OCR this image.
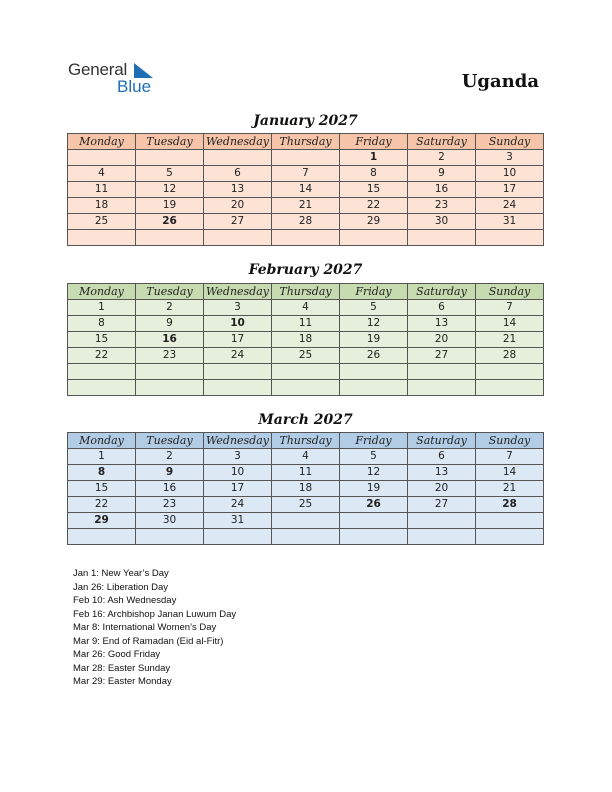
General
Blue	Uganda
January 2027
Monday	Tuesday	Wednesday	Thursday	Friday	Saturday	Sunday
				1	2	3
4	5	6	7	8	9	10
11	12	13	14	15	16	17
18	19	20	21	22	23	24
25	26	27	28	29	30	31

February 2027
Monday	Tuesday	Wednesday	Thursday	Friday	Saturday	Sunday
1	2	3	4	5	6	7
8	9	10	11	12	13	14
15	16	17	18	19	20	21
22	23	24	25	26	27	28

March 2027
Monday	Tuesday	Wednesday	Thursday	Friday	Saturday	Sunday
1	2	3	4	5	6	7
8	9	10	11	12	13	14
15	16	17	18	19	20	21
22	23	24	25	26	27	28
29	30	31				

Jan 1: New Year’s Day
Jan 26: Liberation Day
Feb 10: Ash Wednesday
Feb 16: Archbishop Janan Luwum Day
Mar 8: International Women’s Day
Mar 9: End of Ramadan (Eid al-Fitr)
Mar 26: Good Friday
Mar 28: Easter Sunday
Mar 29: Easter Monday
